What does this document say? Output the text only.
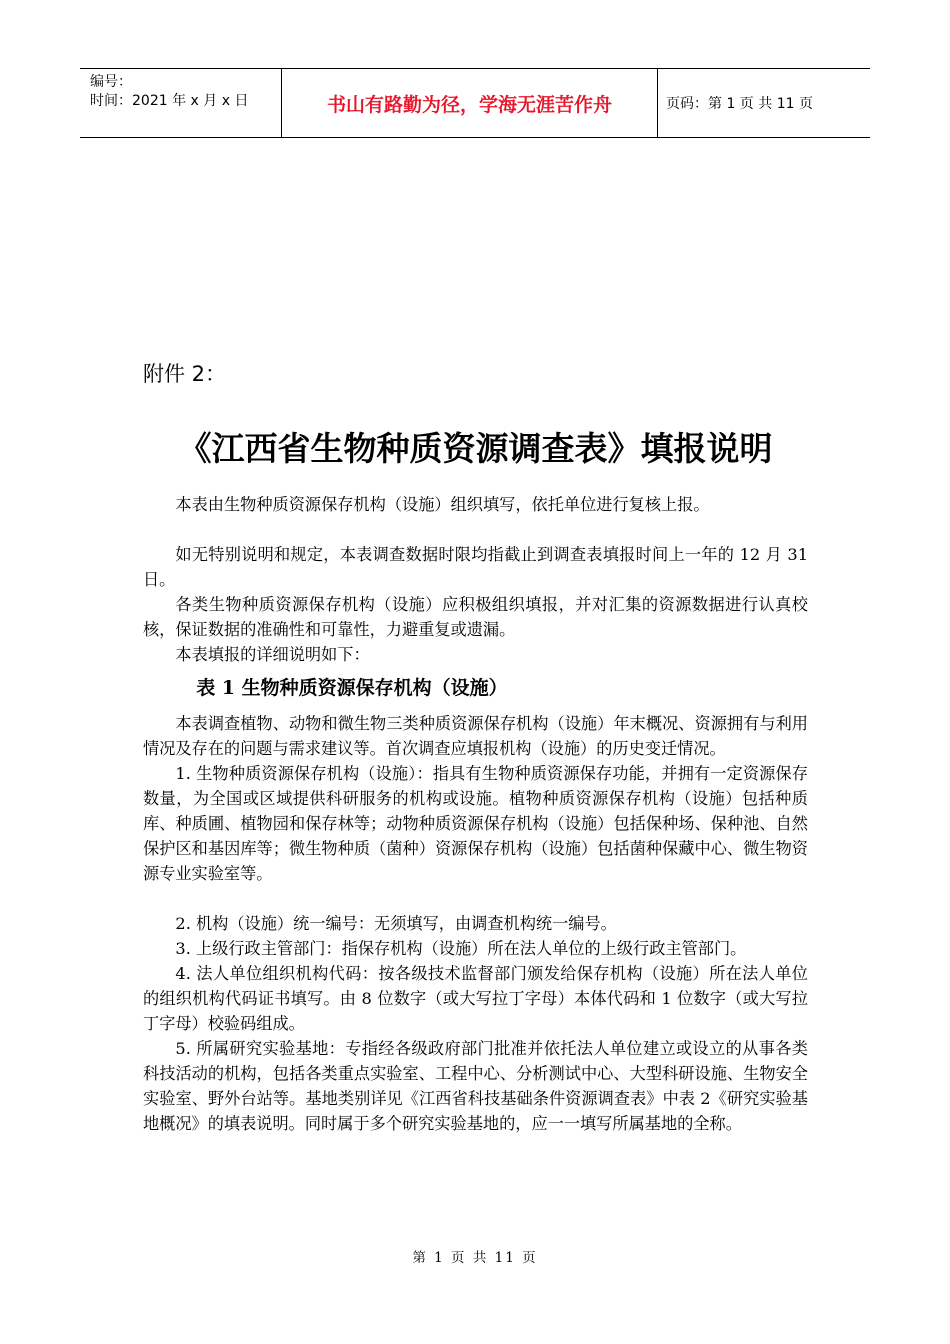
编号：
时间：2021 年 x 月 x 日	书山有路勤为径，学海无涯苦作舟	页码：第 1 页 共 11 页
附件 2：
《江西省生物种质资源调查表》填报说明

本表由生物种质资源保存机构（设施）组织填写，依托单位进行复核上报。

如无特别说明和规定，本表调查数据时限均指截止到调查表填报时间上一年的 12 月 31 日。

各类生物种质资源保存机构（设施）应积极组织填报，并对汇集的资源数据进行认真校核，保证数据的准确性和可靠性，力避重复或遗漏。

本表填报的详细说明如下：

表 1 生物种质资源保存机构（设施）

本表调查植物、动物和微生物三类种质资源保存机构（设施）年末概况、资源拥有与利用情况及存在的问题与需求建议等。首次调查应填报机构（设施）的历史变迁情况。

1. 生物种质资源保存机构（设施）：指具有生物种质资源保存功能，并拥有一定资源保存数量，为全国或区域提供科研服务的机构或设施。植物种质资源保存机构（设施）包括种质库、种质圃、植物园和保存林等；动物种质资源保存机构（设施）包括保种场、保种池、自然保护区和基因库等；微生物种质（菌种）资源保存机构（设施）包括菌种保藏中心、微生物资源专业实验室等。

2. 机构（设施）统一编号：无须填写，由调查机构统一编号。

3. 上级行政主管部门：指保存机构（设施）所在法人单位的上级行政主管部门。

4. 法人单位组织机构代码：按各级技术监督部门颁发给保存机构（设施）所在法人单位的组织机构代码证书填写。由 8 位数字（或大写拉丁字母）本体代码和 1 位数字（或大写拉丁字母）校验码组成。

5. 所属研究实验基地：专指经各级政府部门批准并依托法人单位建立或设立的从事各类科技活动的机构，包括各类重点实验室、工程中心、分析测试中心、大型科研设施、生物安全实验室、野外台站等。基地类别详见《江西省科技基础条件资源调查表》中表 2《研究实验基地概况》的填表说明。同时属于多个研究实验基地的，应一一填写所属基地的全称。

第 1 页 共 11 页
